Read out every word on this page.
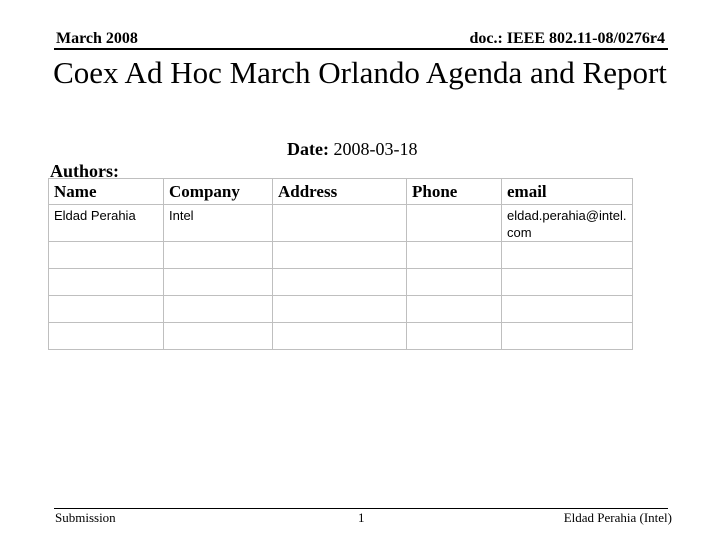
March 2008	doc.: IEEE 802.11-08/0276r4
Coex Ad Hoc March Orlando Agenda and Report
Date: 2008-03-18
Authors:
Name	Company	Address	Phone	email
Eldad Perahia	Intel			eldad.perahia@intel.com

Submission	1	Eldad Perahia (Intel)
